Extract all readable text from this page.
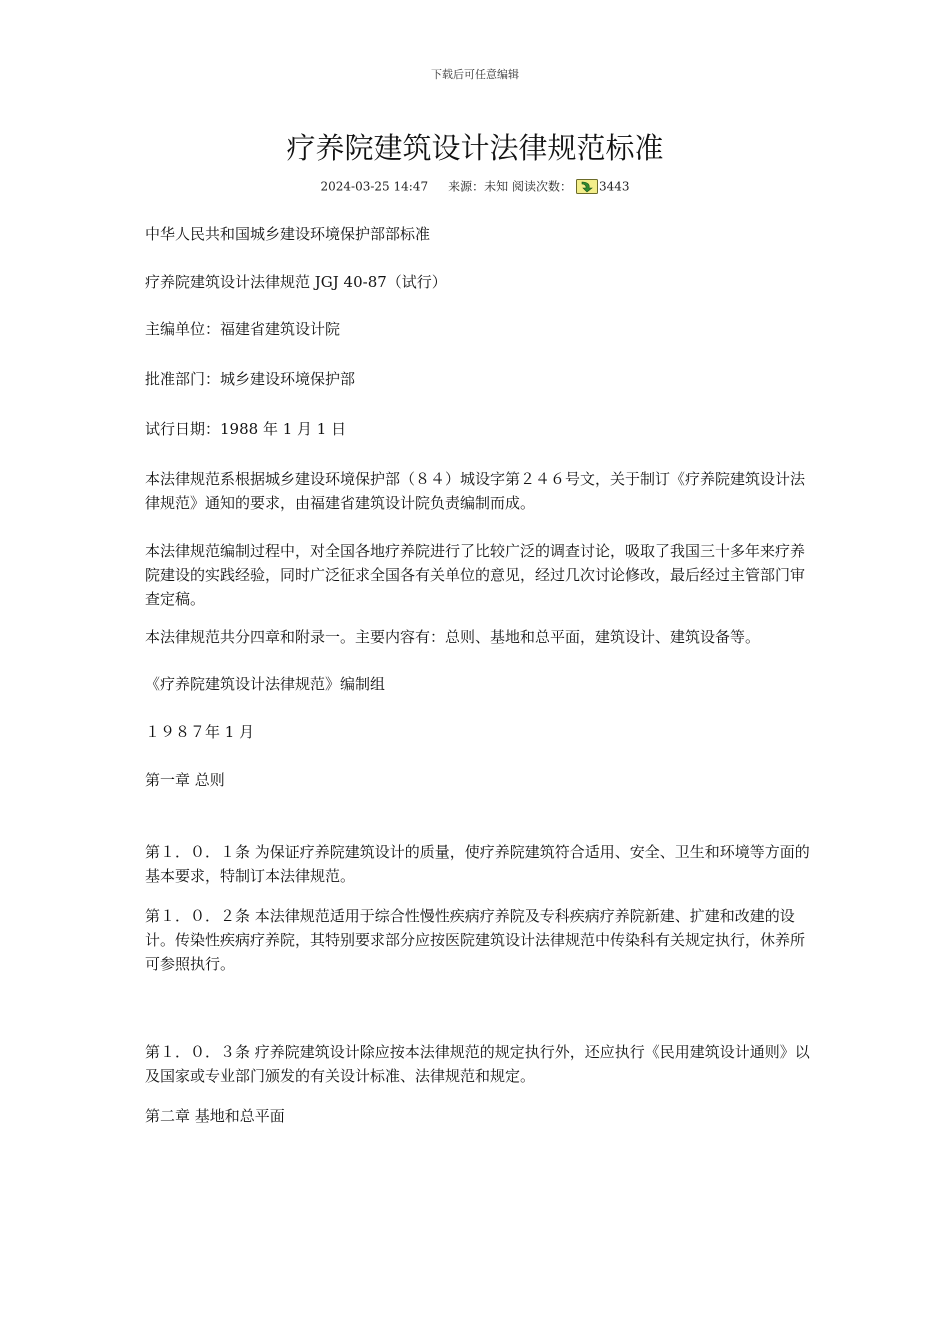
下载后可任意编辑
疗养院建筑设计法律规范标准
2024-03-25 14:47 来源：未知 阅读次数： 3443

中华人民共和国城乡建设环境保护部部标准

疗养院建筑设计法律规范 JGJ 40-87（试行）

主编单位：福建省建筑设计院

批准部门：城乡建设环境保护部

试行日期：1988 年 1 月 1 日

本法律规范系根据城乡建设环境保护部（８４）城设字第２４６号文，关于制订《疗养院建筑设计法律规范》通知的要求，由福建省建筑设计院负责编制而成。

本法律规范编制过程中，对全国各地疗养院进行了比较广泛的调查讨论，吸取了我国三十多年来疗养院建设的实践经验，同时广泛征求全国各有关单位的意见，经过几次讨论修改，最后经过主管部门审查定稿。

本法律规范共分四章和附录一。主要内容有：总则、基地和总平面，建筑设计、建筑设备等。

《疗养院建筑设计法律规范》编制组

１９８７年 1 月

第一章 总则

第１．０．１条 为保证疗养院建筑设计的质量，使疗养院建筑符合适用、安全、卫生和环境等方面的基本要求，特制订本法律规范。

第１．０．２条 本法律规范适用于综合性慢性疾病疗养院及专科疾病疗养院新建、扩建和改建的设计。传染性疾病疗养院，其特别要求部分应按医院建筑设计法律规范中传染科有关规定执行，休养所可参照执行。

第１．０．３条 疗养院建筑设计除应按本法律规范的规定执行外，还应执行《民用建筑设计通则》以及国家或专业部门颁发的有关设计标准、法律规范和规定。

第二章 基地和总平面
